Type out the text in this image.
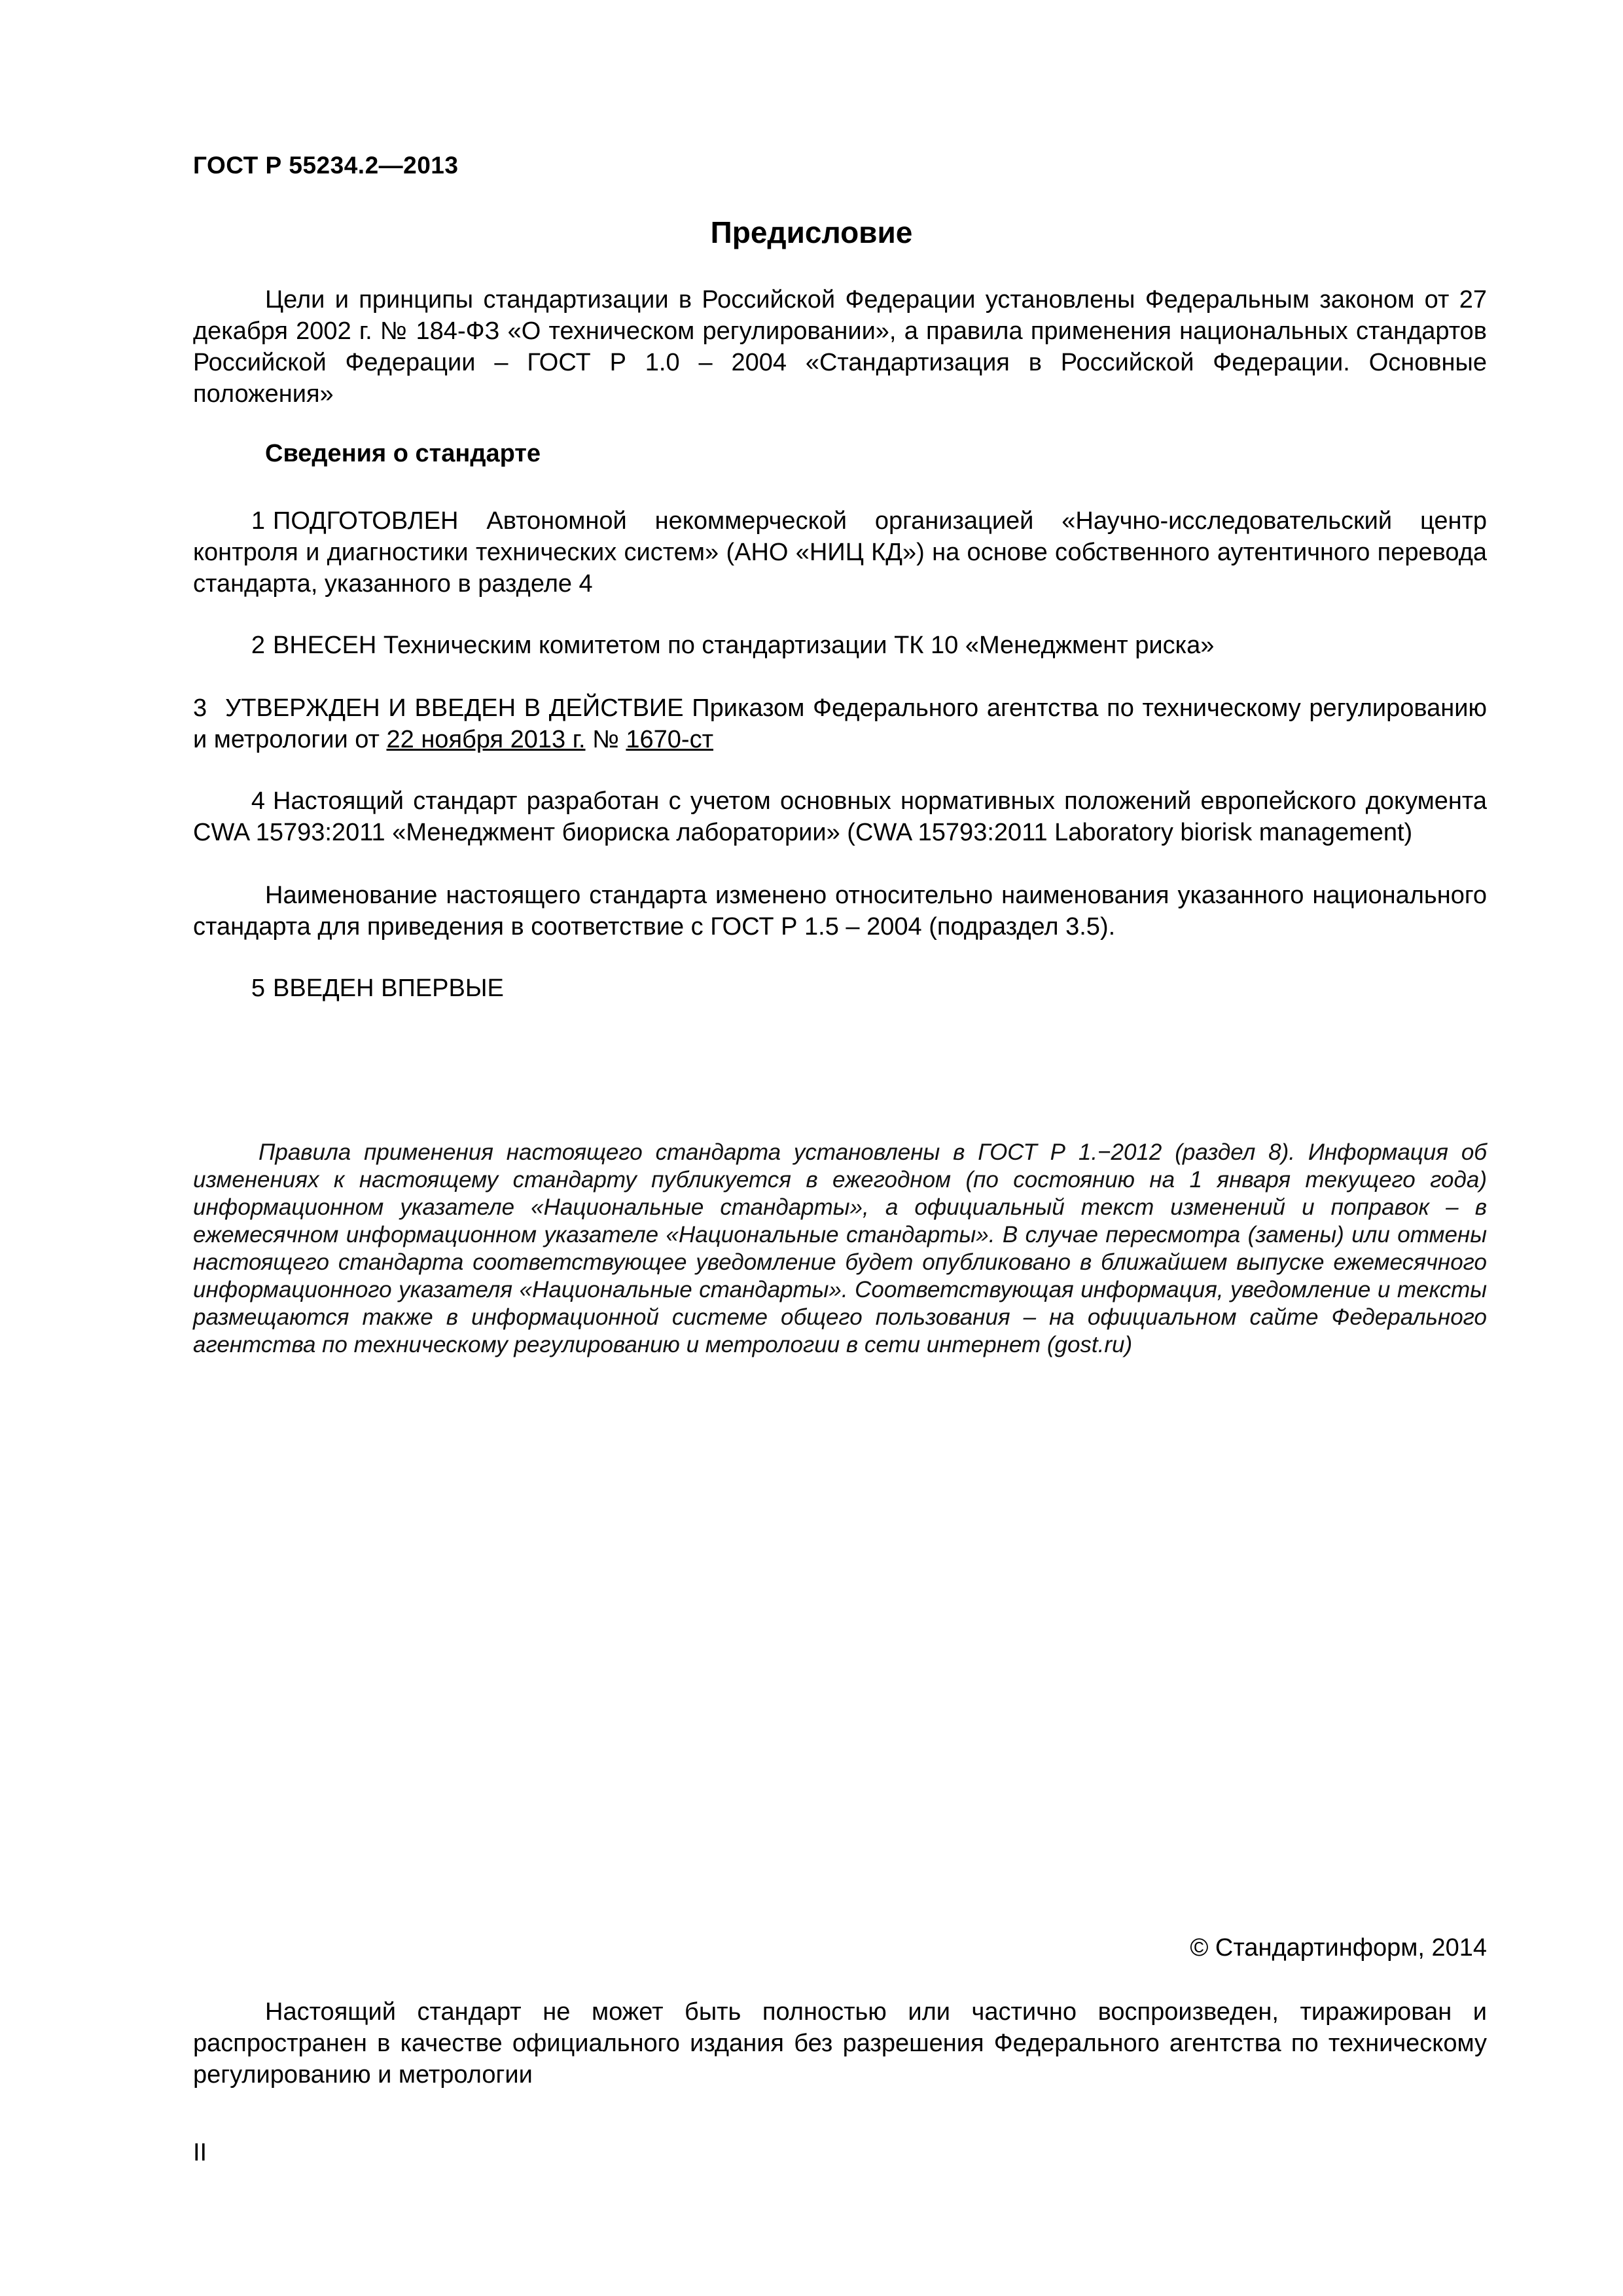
ГОСТ Р 55234.2—2013
Предисловие
Цели и принципы стандартизации в Российской Федерации установлены Федеральным законом от 27 декабря 2002 г. № 184-ФЗ «О техническом регулировании», а правила применения национальных стандартов Российской Федерации – ГОСТ Р 1.0 – 2004 «Стандартизация в Российской Федерации. Основные положения»
Сведения о стандарте
1 ПОДГОТОВЛЕН Автономной некоммерческой организацией «Научно-исследовательский центр контроля и диагностики технических систем» (АНО «НИЦ КД») на основе собственного аутентичного перевода стандарта, указанного в разделе 4
2 ВНЕСЕН Техническим комитетом по стандартизации ТК 10 «Менеджмент риска»
3 УТВЕРЖДЕН И ВВЕДЕН В ДЕЙСТВИЕ Приказом Федерального агентства по техническому регулированию и метрологии от 22 ноября 2013 г. № 1670-ст
4 Настоящий стандарт разработан с учетом основных нормативных положений европейского документа CWA 15793:2011 «Менеджмент биориска лаборатории» (CWA 15793:2011 Laboratory biorisk management)
Наименование настоящего стандарта изменено относительно наименования указанного национального стандарта для приведения в соответствие с ГОСТ Р 1.5 – 2004 (подраздел 3.5).
5 ВВЕДЕН ВПЕРВЫЕ
Правила применения настоящего стандарта установлены в ГОСТ Р 1.−2012 (раздел 8). Информация об изменениях к настоящему стандарту публикуется в ежегодном (по состоянию на 1 января текущего года) информационном указателе «Национальные стандарты», а официальный текст изменений и поправок – в ежемесячном информационном указателе «Национальные стандарты». В случае пересмотра (замены) или отмены настоящего стандарта соответствующее уведомление будет опубликовано в ближайшем выпуске ежемесячного информационного указателя «Национальные стандарты». Соответствующая информация, уведомление и тексты размещаются также в информационной системе общего пользования – на официальном сайте Федерального агентства по техническому регулированию и метрологии в сети интернет (gost.ru)
© Стандартинформ, 2014
Настоящий стандарт не может быть полностью или частично воспроизведен, тиражирован и распространен в качестве официального издания без разрешения Федерального агентства по техническому регулированию и метрологии
II
